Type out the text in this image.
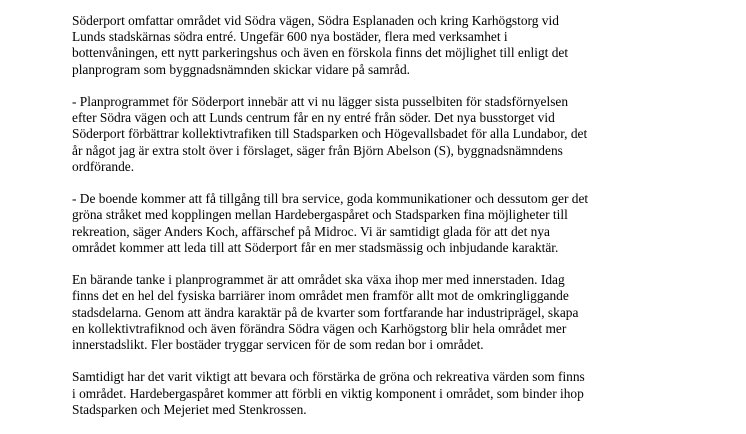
Söderport omfattar området vid Södra vägen, Södra Esplanaden och kring Karhögstorg vid
Lunds stadskärnas södra entré. Ungefär 600 nya bostäder, flera med verksamhet i
bottenvåningen, ett nytt parkeringshus och även en förskola finns det möjlighet till enligt det
planprogram som byggnadsnämnden skickar vidare på samråd.

- Planprogrammet för Söderport innebär att vi nu lägger sista pusselbiten för stadsförnyelsen
efter Södra vägen och att Lunds centrum får en ny entré från söder. Det nya busstorget vid
Söderport förbättrar kollektivtrafiken till Stadsparken och Högevallsbadet för alla Lundabor, det
år något jag är extra stolt över i förslaget, säger från Björn Abelson (S), byggnadsnämndens
ordförande.

- De boende kommer att få tillgång till bra service, goda kommunikationer och dessutom ger det
gröna stråket med kopplingen mellan Hardebergaspåret och Stadsparken fina möjligheter till
rekreation, säger Anders Koch, affärschef på Midroc. Vi är samtidigt glada för att det nya
området kommer att leda till att Söderport får en mer stadsmässig och inbjudande karaktär.

En bärande tanke i planprogrammet är att området ska växa ihop mer med innerstaden. Idag
finns det en hel del fysiska barriärer inom området men framför allt mot de omkringliggande
stadsdelarna. Genom att ändra karaktär på de kvarter som fortfarande har industriprägel, skapa
en kollektivtrafiknod och även förändra Södra vägen och Karhögstorg blir hela området mer
innerstadslikt. Fler bostäder tryggar servicen för de som redan bor i området.

Samtidigt har det varit viktigt att bevara och förstärka de gröna och rekreativa värden som finns
i området. Hardebergaspåret kommer att förbli en viktig komponent i området, som binder ihop
Stadsparken och Mejeriet med Stenkrossen.
